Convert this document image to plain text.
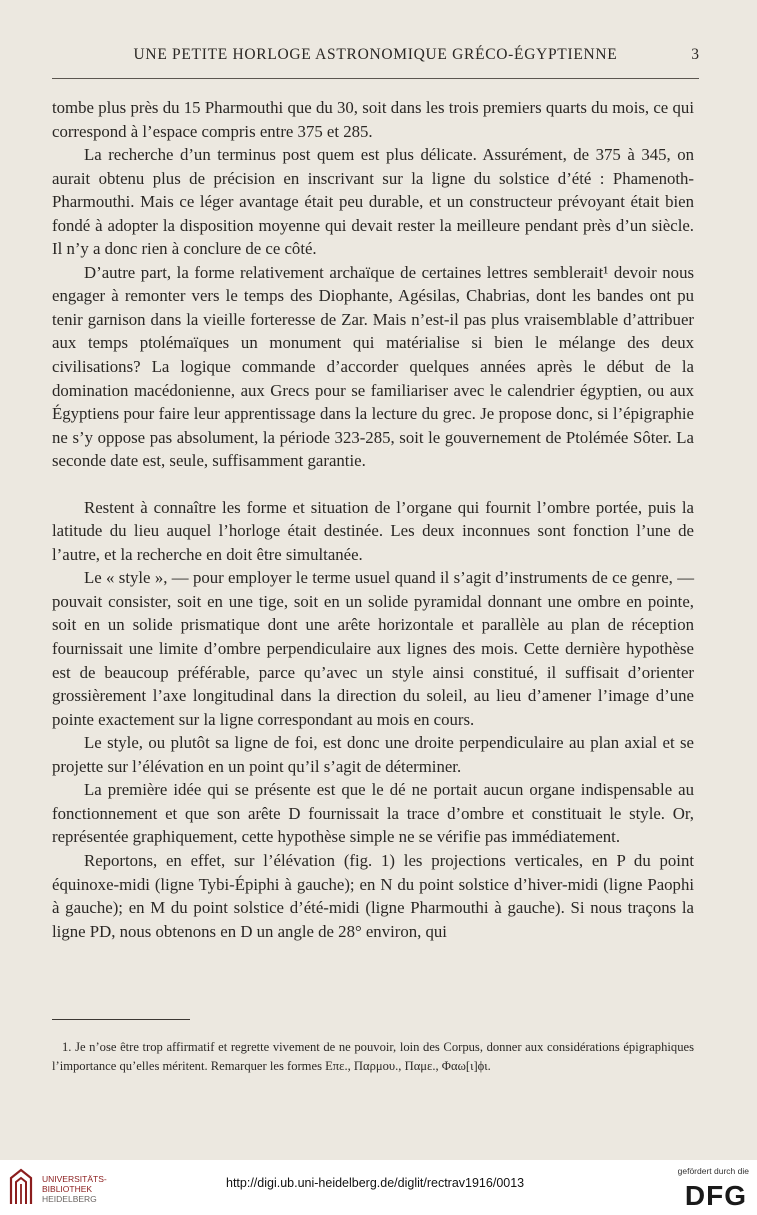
UNE PETITE HORLOGE ASTRONOMIQUE GRÉCO-ÉGYPTIENNE	3

tombe plus près du 15 Pharmouthi que du 30, soit dans les trois premiers quarts du mois, ce qui correspond à l’espace compris entre 375 et 285.

La recherche d’un terminus post quem est plus délicate. Assurément, de 375 à 345, on aurait obtenu plus de précision en inscrivant sur la ligne du solstice d’été : Phamenoth-Pharmouthi. Mais ce léger avantage était peu durable, et un constructeur prévoyant était bien fondé à adopter la disposition moyenne qui devait rester la meilleure pendant près d’un siècle. Il n’y a donc rien à conclure de ce côté.

D’autre part, la forme relativement archaïque de certaines lettres semblerait¹ devoir nous engager à remonter vers le temps des Diophante, Agésilas, Chabrias, dont les bandes ont pu tenir garnison dans la vieille forteresse de Zar. Mais n’est-il pas plus vraisemblable d’attribuer aux temps ptolémaïques un monument qui matérialise si bien le mélange des deux civilisations? La logique commande d’accorder quelques années après le début de la domination macédonienne, aux Grecs pour se familiariser avec le calendrier égyptien, ou aux Égyptiens pour faire leur apprentissage dans la lecture du grec. Je propose donc, si l’épigraphie ne s’y oppose pas absolument, la période 323-285, soit le gouvernement de Ptolémée Sôter. La seconde date est, seule, suffisamment garantie.

Restent à connaître les forme et situation de l’organe qui fournit l’ombre portée, puis la latitude du lieu auquel l’horloge était destinée. Les deux inconnues sont fonction l’une de l’autre, et la recherche en doit être simultanée.

Le « style », — pour employer le terme usuel quand il s’agit d’instruments de ce genre, — pouvait consister, soit en une tige, soit en un solide pyramidal donnant une ombre en pointe, soit en un solide prismatique dont une arête horizontale et parallèle au plan de réception fournissait une limite d’ombre perpendiculaire aux lignes des mois. Cette dernière hypothèse est de beaucoup préférable, parce qu’avec un style ainsi constitué, il suffisait d’orienter grossièrement l’axe longitudinal dans la direction du soleil, au lieu d’amener l’image d’une pointe exactement sur la ligne correspondant au mois en cours.

Le style, ou plutôt sa ligne de foi, est donc une droite perpendiculaire au plan axial et se projette sur l’élévation en un point qu’il s’agit de déterminer.

La première idée qui se présente est que le dé ne portait aucun organe indispensable au fonctionnement et que son arête D fournissait la trace d’ombre et constituait le style. Or, représentée graphiquement, cette hypothèse simple ne se vérifie pas immédiatement.

Reportons, en effet, sur l’élévation (fig. 1) les projections verticales, en P du point équinoxe-midi (ligne Tybi-Épiphi à gauche); en N du point solstice d’hiver-midi (ligne Paophi à gauche); en M du point solstice d’été-midi (ligne Pharmouthi à gauche). Si nous traçons la ligne PD, nous obtenons en D un angle de 28° environ, qui

1. Je n’ose être trop affirmatif et regrette vivement de ne pouvoir, loin des Corpus, donner aux considérations épigraphiques l’importance qu’elles méritent. Remarquer les formes Επε., Παρμου., Παμε., Φαω[ι]ϕι.
UNIVERSITÄTS-
BIBLIOTHEK
HEIDELBERG
http://digi.ub.uni-heidelberg.de/diglit/rectrav1916/0013
gefördert durch die
DFG
